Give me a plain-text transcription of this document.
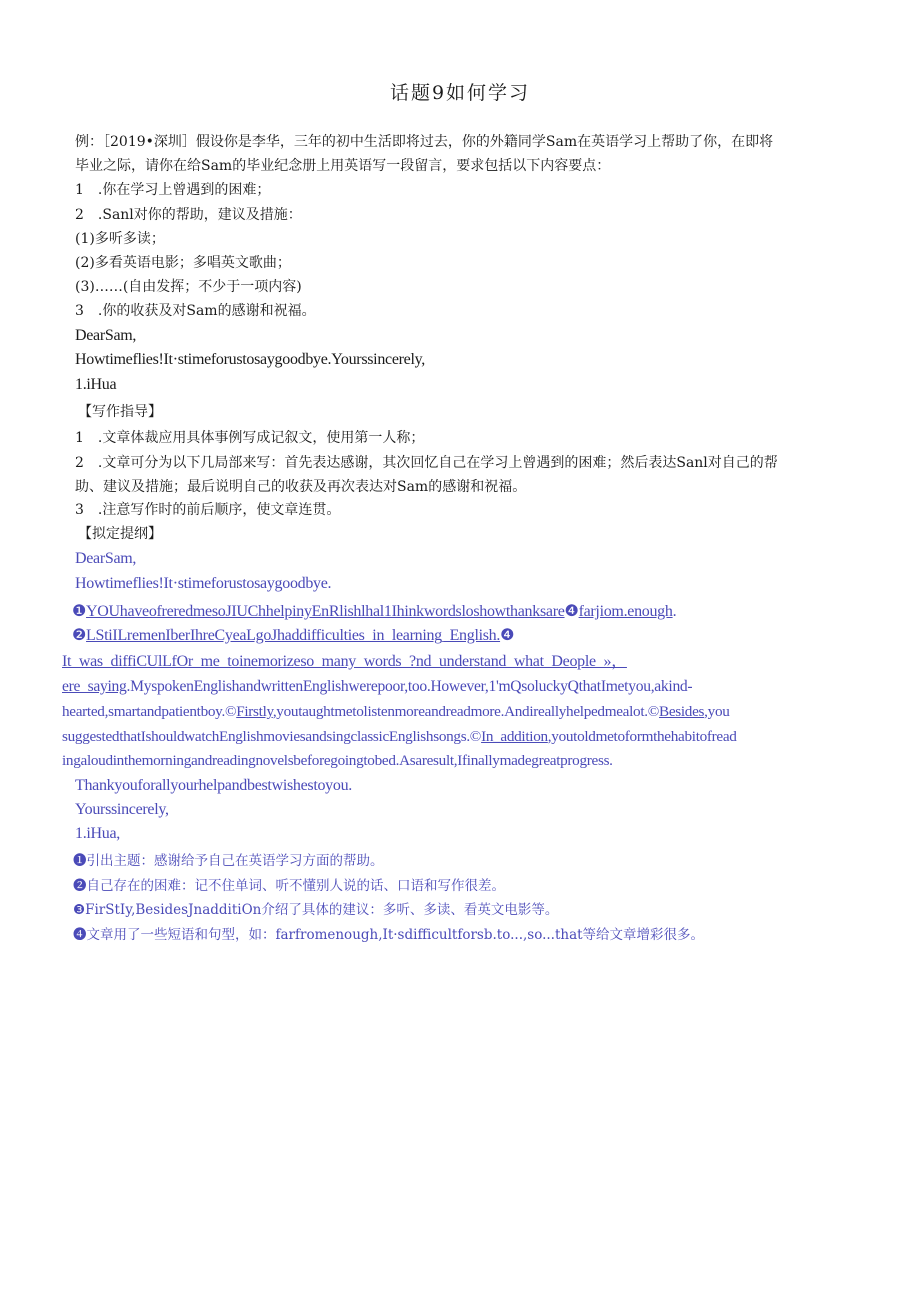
话题9如何学习
例：［2019•深圳］假设你是李华，三年的初中生活即将过去，你的外籍同学Sam在英语学习上帮助了你，在即将
毕业之际，请你在给Sam的毕业纪念册上用英语写一段留言，要求包括以下内容要点：
1　.你在学习上曾遇到的困难；
2　.Sanl对你的帮助，建议及措施：
(1)多听多读；
(2)多看英语电影；多唱英文歌曲；
(3)……(自由发挥；不少于一项内容)
3　.你的收获及对Sam的感谢和祝福。
DearSam,
Howtimeflies!It·stimeforustosaygoodbye.Yourssincerely,
1.iHua
【写作指导】
1　.文章体裁应用具体事例写成记叙文，使用第一人称；
2　.文章可分为以下几局部来写：首先表达感谢，其次回忆自己在学习上曾遇到的困难；然后表达Sanl对自己的帮
助、建议及措施；最后说明自己的收获及再次表达对Sam的感谢和祝福。
3　.注意写作时的前后顺序，使文章连贯。
【拟定提纲】
DearSam,
Howtimeflies!It·stimeforustosaygoodbye.
❶YOUhaveofreredmesoJIUChhelpinyEnRlishlhal1Ihinkwordsloshowthanksare❹farjiom.enough.
❷LStiILremenIberIhreCyeaLgoJhaddifficulties_in_learning_English.❹
It_was_diffiCUlLfOr_me_toinemorizeso_many_words_?nd_understand_what_Deople_»，
ere_saying.MyspokenEnglishandwrittenEnglishwerepoor,too.However,1'mQsoluckyQthatImetyou,akind-
hearted,smartandpatientboy.©Firstly,youtaughtmetolistenmoreandreadmore.Andireallyhelpedmealot.©Besides,you
suggestedthatIshouldwatchEnglishmoviesandsingclassicEnglishsongs.©In_addition,youtoldmetoformthehabitofread
ingaloudinthemorningandreadingnovelsbeforegoingtobed.Asaresult,Ifinallymadegreatprogress.
Thankyouforallyourhelpandbestwishestoyou.
Yourssincerely,
1.iHua,
❶引出主题：感谢给予自己在英语学习方面的帮助。
❷自己存在的困难：记不住单词、听不懂别人说的话、口语和写作很差。
❸FirStIy,BesidesJnadditiOn介绍了具体的建议：多听、多读、看英文电影等。
❹文章用了一些短语和句型，如：farfromenough,It·sdifficultforsb.to...,so...that等给文章增彩很多。
